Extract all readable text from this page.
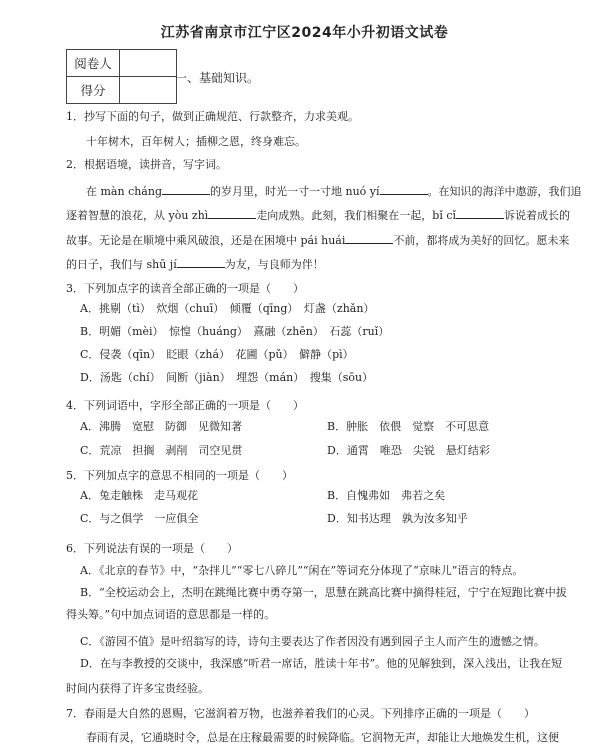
江苏省南京市江宁区2024年小升初语文试卷
阅卷人	
得分	
一、基础知识。
1．抄写下面的句子，做到正确规范、行款整齐，力求美观。
十年树木，百年树人；插柳之恩，终身难忘。
2．根据语境，读拼音，写字词。
在 màn cháng	的岁月里，时光一寸一寸地 nuó yí	。在知识的海洋中遨游，我们追
逐着智慧的浪花，从 yòu zhì	走向成熟。此刻，我们相聚在一起，bǐ cǐ	诉说着成长的
故事。无论是在顺境中乘风破浪，还是在困境中 pái huái	不前，都将成为美好的回忆。愿未来
的日子，我们与 shū jí	为友，与良师为伴！
3．下列加点字的读音全部正确的一项是（　　）
A．挑剔（tì）　炊烟（chuī）　倾覆（qīng）　灯盏（zhǎn）
B．明媚（mèi）　惊惶（huáng）　熹融（zhēn）　石蕊（ruǐ）
C．侵袭（qīn）　眨眼（zhá）　花圃（pǔ）　僻静（pì）
D．汤匙（chí）　间断（jiàn）　埋怨（mán）　搜集（sōu）
4．下列词语中，字形全部正确的一项是（　　）
A．沸腾　宽慰　防御　见微知著	B．肿胀　依偎　觉察　不可思意
C．荒凉　担搁　剥削　司空见贯	D．通霄　唯恐　尖锐　悬灯结彩
5．下列加点字的意思不相同的一项是（　　）
A．兔走触株　走马观花	B．自愧弗如　弗若之矣
C．与之俱学　一应俱全	D．知书达理　孰为汝多知乎
6．下列说法有误的一项是（　　）
A．《北京的春节》中，“杂拌儿”“零七八碎儿”“闲在”等词充分体现了“京味儿”语言的特点。
B．“全校运动会上，杰明在跳绳比赛中勇夺第一，思慧在跳高比赛中摘得桂冠，宁宁在短跑比赛中拔
得头筹。”句中加点词语的意思都是一样的。
C．《游园不值》是叶绍翁写的诗，诗句主要表达了作者因没有遇到园子主人而产生的遗憾之情。
D．在与李教授的交谈中，我深感“听君一席话，胜读十年书”。他的见解独到，深入浅出，让我在短
时间内获得了许多宝贵经验。
7．春雨是大自然的恩赐，它滋润着万物，也滋养着我们的心灵。下列排序正确的一项是（　　）
春雨有灵，它通晓时令，总是在庄稼最需要的时候降临。它润物无声，却能让大地焕发生机，这便
